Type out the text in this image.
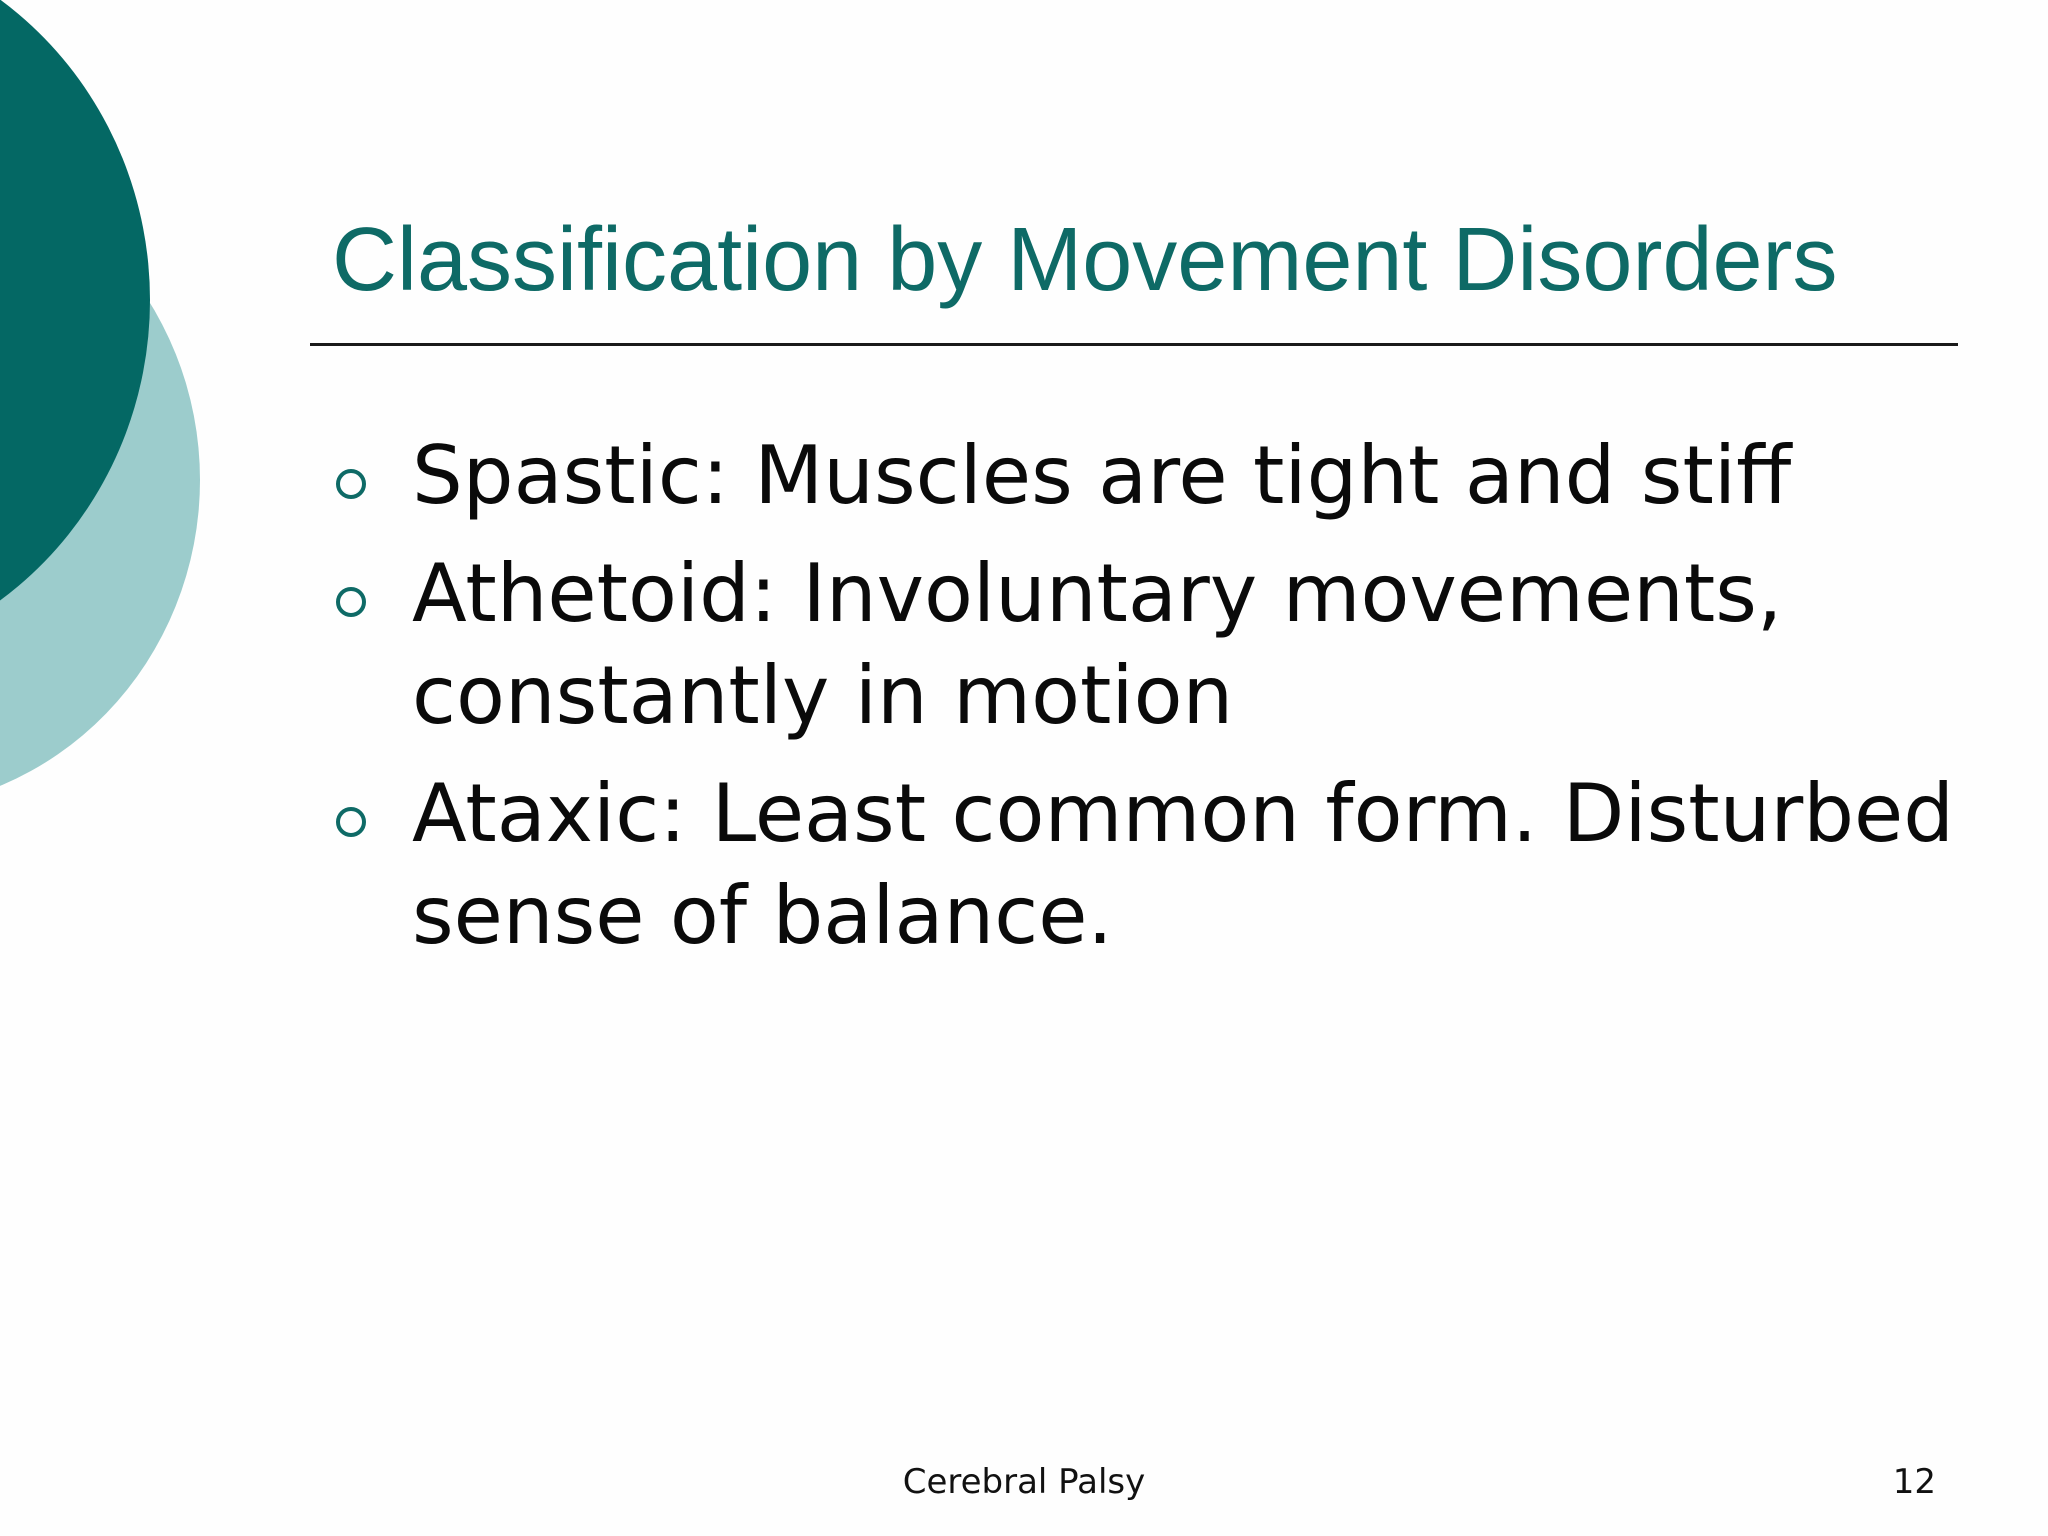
Classification by Movement Disorders
Spastic: Muscles are tight and stiff
Athetoid: Involuntary movements, constantly in motion
Ataxic: Least common form. Disturbed sense of balance.
Cerebral Palsy	12
